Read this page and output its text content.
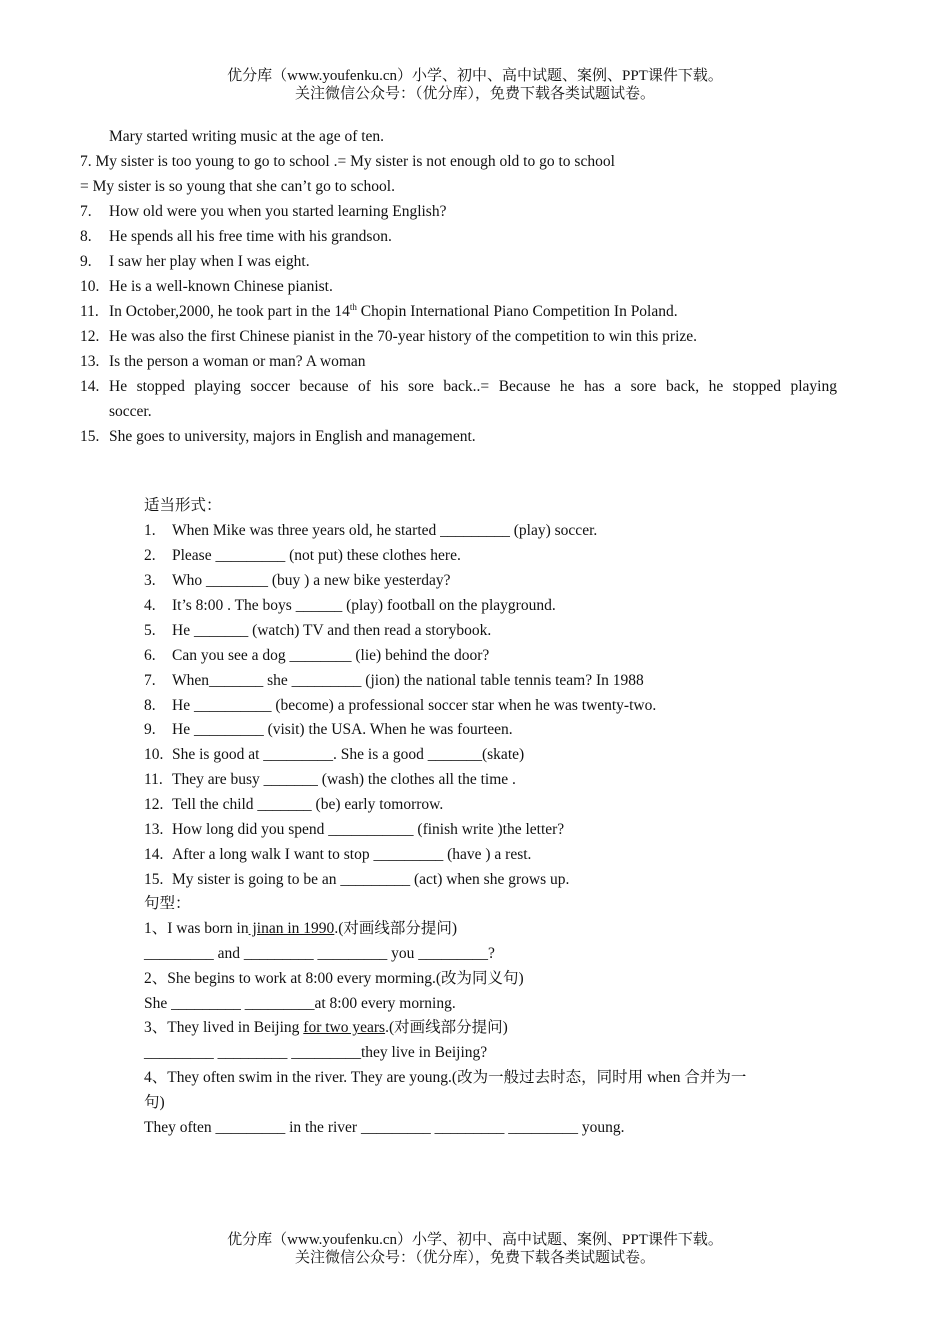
优分库（www.youfenku.cn）小学、初中、高中试题、案例、PPT课件下载。
关注微信公众号：（优分库），免费下载各类试题试卷。
Mary started writing music at the age of ten.
7. My sister is too young to go to school .= My sister is not enough old to go to school
= My sister is so young that she can’t go to school.
7. How old were you when you started learning English?
8. He spends all his free time with his grandson.
9. I saw her play when I was eight.
10. He is a well-known Chinese pianist.
11. In October,2000, he took part in the 14th Chopin International Piano Competition In Poland.
12. He was also the first Chinese pianist in the 70-year history of the competition to win this prize.
13. Is the person a woman or man? A woman
14. He stopped playing soccer because of his sore back..= Because he has a sore back, he stopped playing
soccer.
15. She goes to university, majors in English and management.
适当形式：
1. When Mike was three years old, he started _________ (play) soccer.
2. Please _________ (not put) these clothes here.
3. Who ________ (buy ) a new bike yesterday?
4. It’s 8:00 . The boys ______ (play) football on the playground.
5. He _______ (watch) TV and then read a storybook.
6. Can you see a dog ________ (lie) behind the door?
7. When_______ she _________ (jion) the national table tennis team? In 1988
8. He __________ (become) a professional soccer star when he was twenty-two.
9. He _________ (visit) the USA. When he was fourteen.
10. She is good at _________. She is a good _______(skate)
11. They are busy _______ (wash) the clothes all the time .
12. Tell the child _______ (be) early tomorrow.
13. How long did you spend ___________ (finish write )the letter?
14. After a long walk I want to stop _________ (have ) a rest.
15. My sister is going to be an _________ (act) when she grows up.
句型：
1、I was born in jinan in 1990.(对画线部分提问)
_________ and _________ _________ you _________?
2、She begins to work at 8:00 every morming.(改为同义句)
She _________ _________at 8:00 every morning.
3、They lived in Beijing for two years.(对画线部分提问)
_________ _________ _________they live in Beijing?
4、They often swim in the river. They are young.(改为一般过去时态，同时用 when 合并为一
句)
They often _________ in the river _________ _________ _________ young.
优分库（www.youfenku.cn）小学、初中、高中试题、案例、PPT课件下载。
关注微信公众号：（优分库），免费下载各类试题试卷。
